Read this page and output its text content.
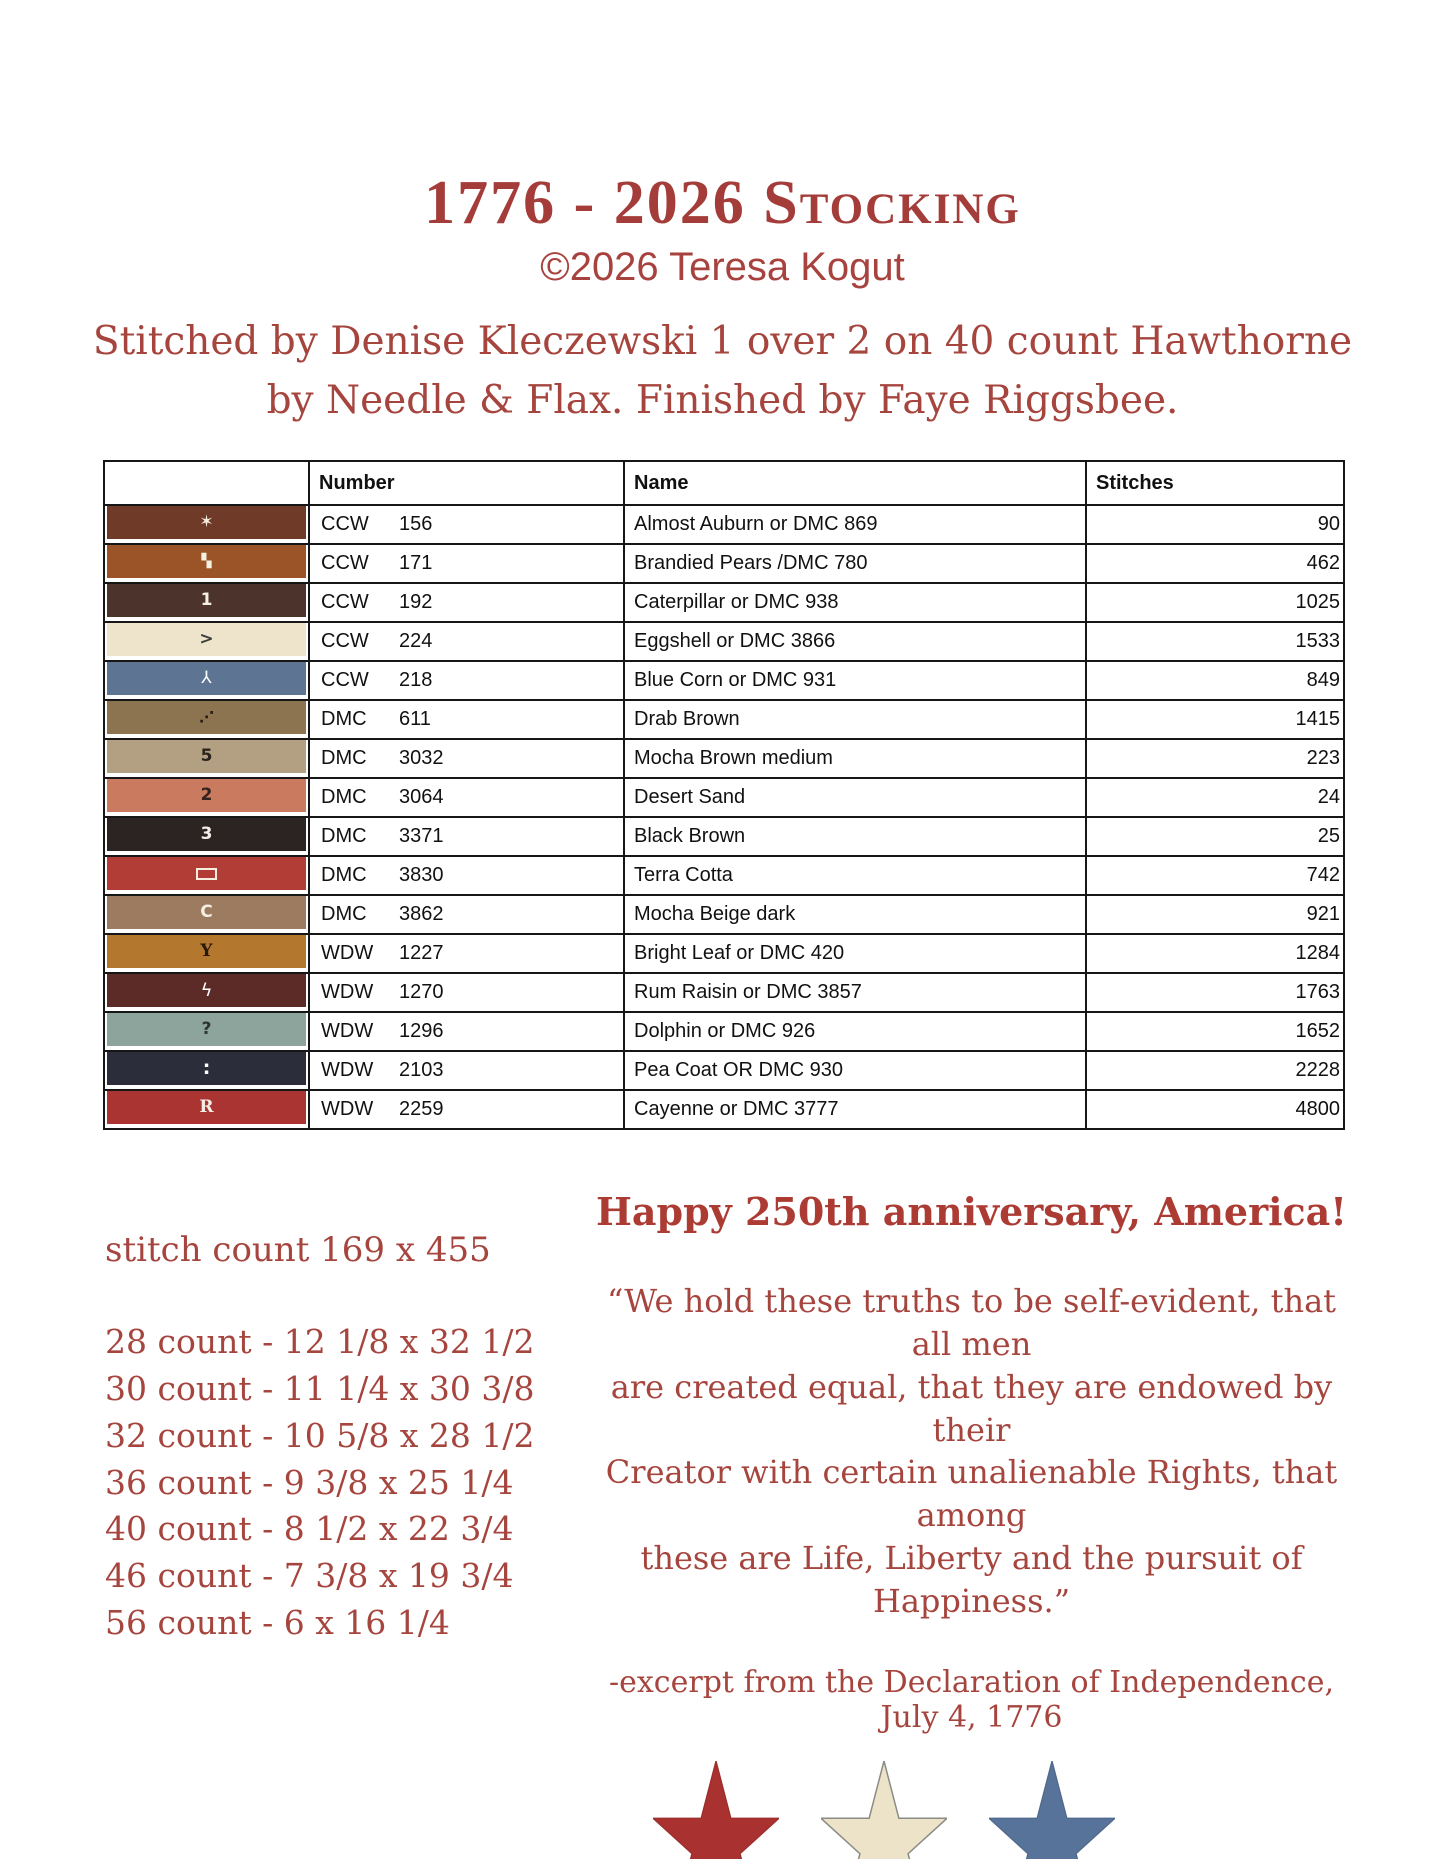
1776 - 2026 Stocking
©2026 Teresa Kogut
Stitched by Denise Kleczewski 1 over 2 on 40 count Hawthorne
by Needle & Flax. Finished by Faye Riggsbee.
	Number	Name	Stitches

✶	CCW 156	Almost Auburn or DMC 869	90

▚	CCW 171	Brandied Pears /DMC 780	462

1	CCW 192	Caterpillar or DMC 938	1025

>	CCW 224	Eggshell or DMC 3866	1533

⅄	CCW 218	Blue Corn or DMC 931	849

⋰	DMC 611	Drab Brown	1415

5	DMC 3032	Mocha Brown medium	223

2	DMC 3064	Desert Sand	24

3	DMC 3371	Black Brown	25

	DMC 3830	Terra Cotta	742

C	DMC 3862	Mocha Beige dark	921

Y	WDW 1227	Bright Leaf or DMC 420	1284

ϟ	WDW 1270	Rum Raisin or DMC 3857	1763

?	WDW 1296	Dolphin or DMC 926	1652

:	WDW 2103	Pea Coat OR DMC 930	2228

R	WDW 2259	Cayenne or DMC 3777	4800
stitch count 169 x 455
28 count - 12 1/8 x 32 1/2
30 count - 11 1/4 x 30 3/8
32 count - 10 5/8 x 28 1/2
36 count - 9 3/8 x 25 1/4
40 count - 8 1/2 x 22 3/4
46 count - 7 3/8 x 19 3/4
56 count - 6 x 16 1/4
Happy 250th anniversary, America!
“We hold these truths to be self-evident, that all men
are created equal, that they are endowed by their
Creator with certain unalienable Rights, that among
these are Life, Liberty and the pursuit of Happiness.”
-excerpt from the Declaration of Independence, July 4, 1776
